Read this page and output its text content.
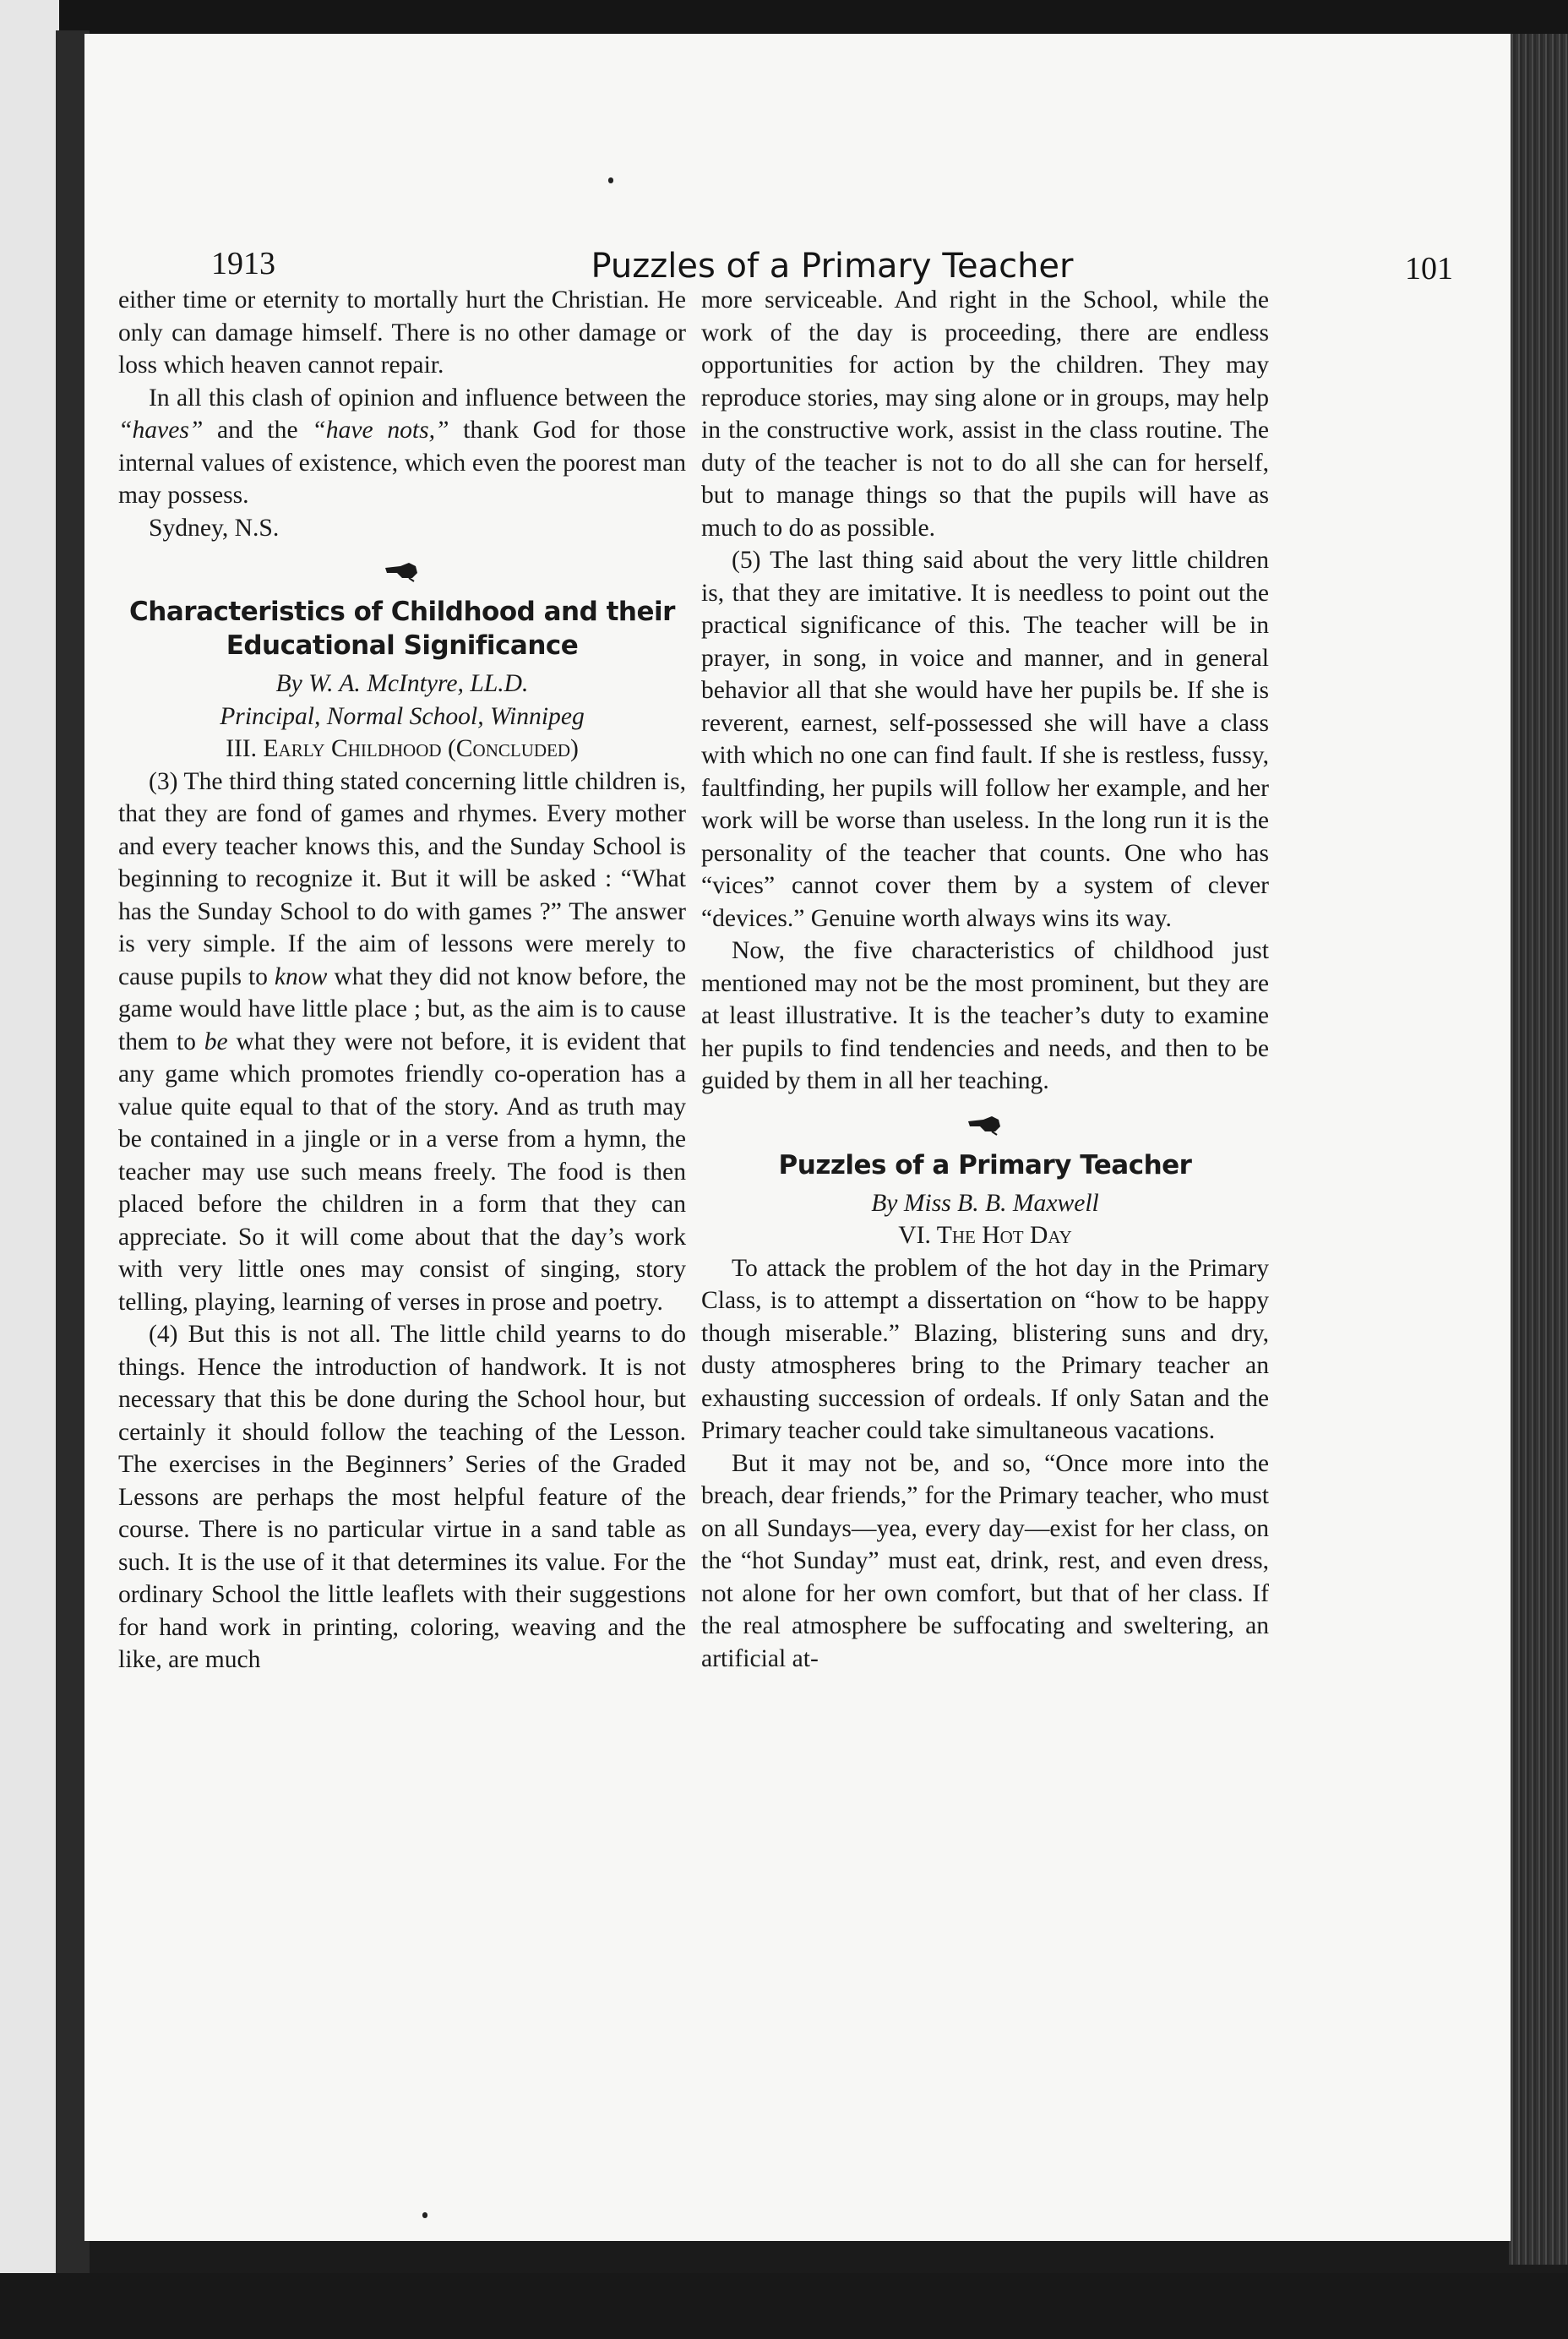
1913	Puzzles of a Primary Teacher	101

either time or eternity to mortally hurt the Christian. He only can damage himself. There is no other damage or loss which heaven cannot repair.

In all this clash of opinion and influence between the “haves” and the “have nots,” thank God for those internal values of existence, which even the poorest man may possess.

Sydney, N.S.

Characteristics of Childhood and their Educational Significance
By W. A. McIntyre, LL.D.
Principal, Normal School, Winnipeg
III. Early Childhood (Concluded)

(3) The third thing stated concerning little children is, that they are fond of games and rhymes. Every mother and every teacher knows this, and the Sunday School is beginning to recognize it. But it will be asked : “What has the Sunday School to do with games ?” The answer is very simple. If the aim of lessons were merely to cause pupils to know what they did not know before, the game would have little place ; but, as the aim is to cause them to be what they were not before, it is evident that any game which promotes friendly co-operation has a value quite equal to that of the story. And as truth may be contained in a jingle or in a verse from a hymn, the teacher may use such means freely. The food is then placed before the children in a form that they can appreciate. So it will come about that the day’s work with very little ones may consist of singing, story telling, playing, learning of verses in prose and poetry.

(4) But this is not all. The little child yearns to do things. Hence the introduction of handwork. It is not necessary that this be done during the School hour, but certainly it should follow the teaching of the Lesson. The exercises in the Beginners’ Series of the Graded Lessons are perhaps the most helpful feature of the course. There is no particular virtue in a sand table as such. It is the use of it that determines its value. For the ordinary School the little leaflets with their suggestions for hand work in printing, coloring, weaving and the like, are much

more serviceable. And right in the School, while the work of the day is proceeding, there are endless opportunities for action by the children. They may reproduce stories, may sing alone or in groups, may help in the constructive work, assist in the class routine. The duty of the teacher is not to do all she can for herself, but to manage things so that the pupils will have as much to do as possible.

(5) The last thing said about the very little children is, that they are imitative. It is needless to point out the practical significance of this. The teacher will be in prayer, in song, in voice and manner, and in general behavior all that she would have her pupils be. If she is reverent, earnest, self-possessed she will have a class with which no one can find fault. If she is restless, fussy, faultfinding, her pupils will follow her example, and her work will be worse than useless. In the long run it is the personality of the teacher that counts. One who has “vices” cannot cover them by a system of clever “devices.” Genuine worth always wins its way.

Now, the five characteristics of childhood just mentioned may not be the most prominent, but they are at least illustrative. It is the teacher’s duty to examine her pupils to find tendencies and needs, and then to be guided by them in all her teaching.

Puzzles of a Primary Teacher
By Miss B. B. Maxwell
VI. The Hot Day

To attack the problem of the hot day in the Primary Class, is to attempt a dissertation on “how to be happy though miserable.” Blazing, blistering suns and dry, dusty atmospheres bring to the Primary teacher an exhausting succession of ordeals. If only Satan and the Primary teacher could take simultaneous vacations.

But it may not be, and so, “Once more into the breach, dear friends,” for the Primary teacher, who must on all Sundays—yea, every day—exist for her class, on the “hot Sunday” must eat, drink, rest, and even dress, not alone for her own comfort, but that of her class. If the real atmosphere be suffocating and sweltering, an artificial at-
